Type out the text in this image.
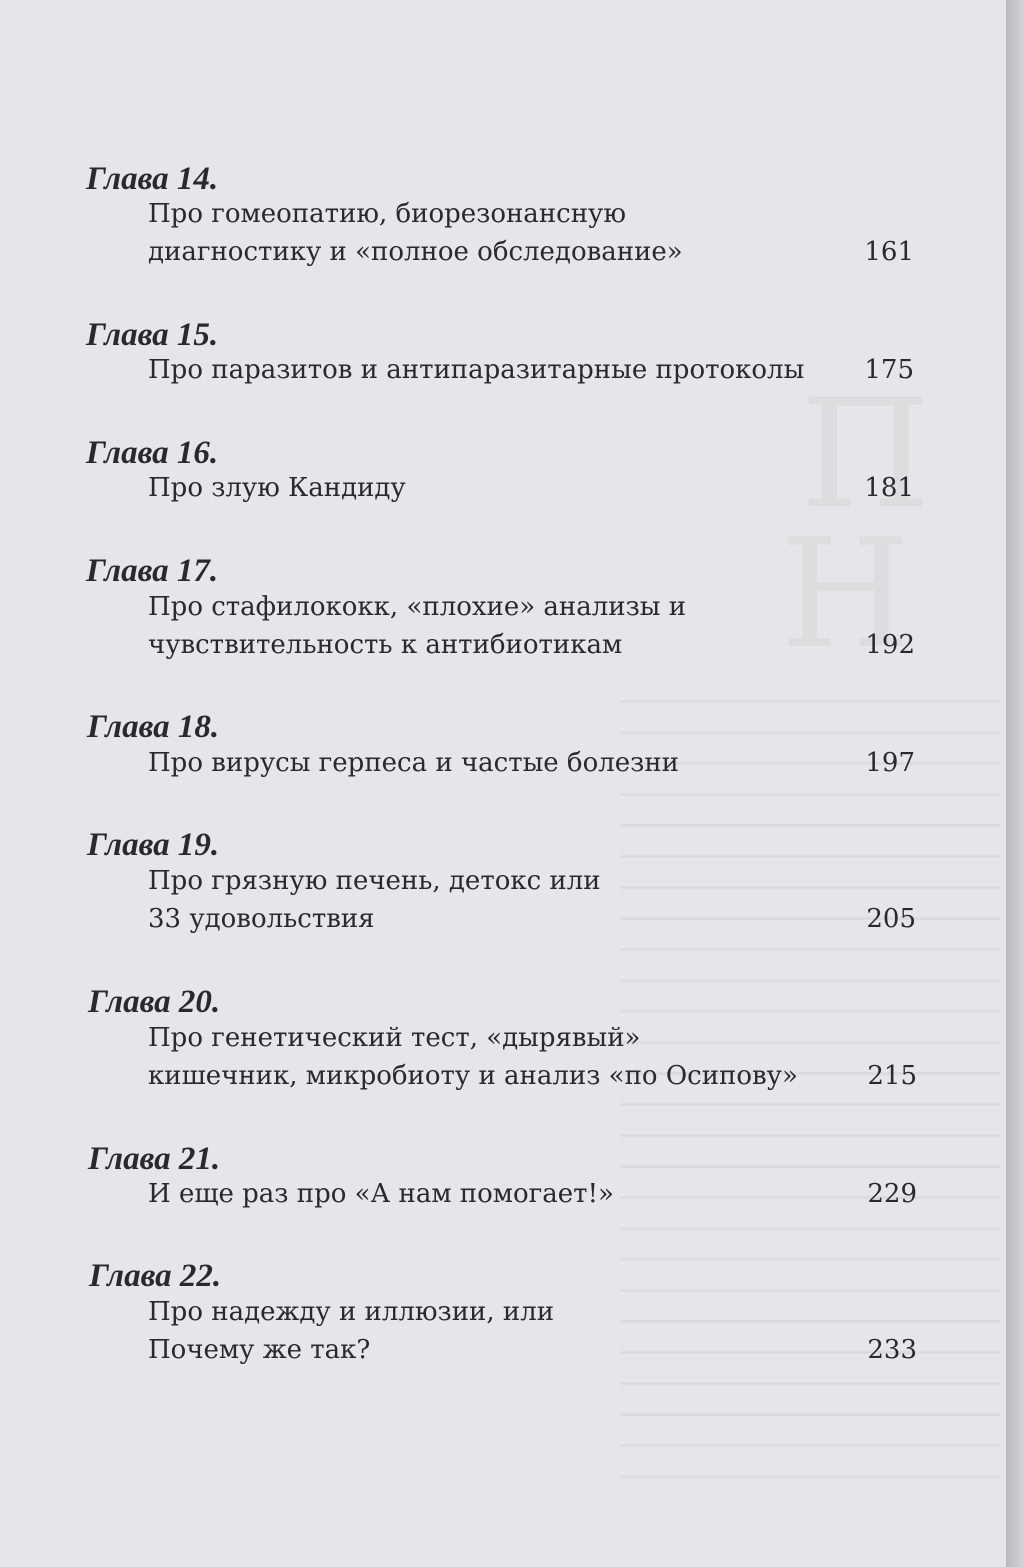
Глава 14.
Про гомеопатию, биорезонансную
диагностику и «полное обследование»	161
Глава 15.
Про паразитов и антипаразитарные протоколы	175
Глава 16.
Про злую Кандиду	181
Глава 17.
Про стафилококк, «плохие» анализы и
чувствительность к антибиотикам	192
Глава 18.
Про вирусы герпеса и частые болезни	197
Глава 19.
Про грязную печень, детокс или
33 удовольствия	205
Глава 20.
Про генетический тест, «дырявый»
кишечник, микробиоту и анализ «по Осипову»	215
Глава 21.
И еще раз про «А нам помогает!»	229
Глава 22.
Про надежду и иллюзии, или
Почему же так?	233
